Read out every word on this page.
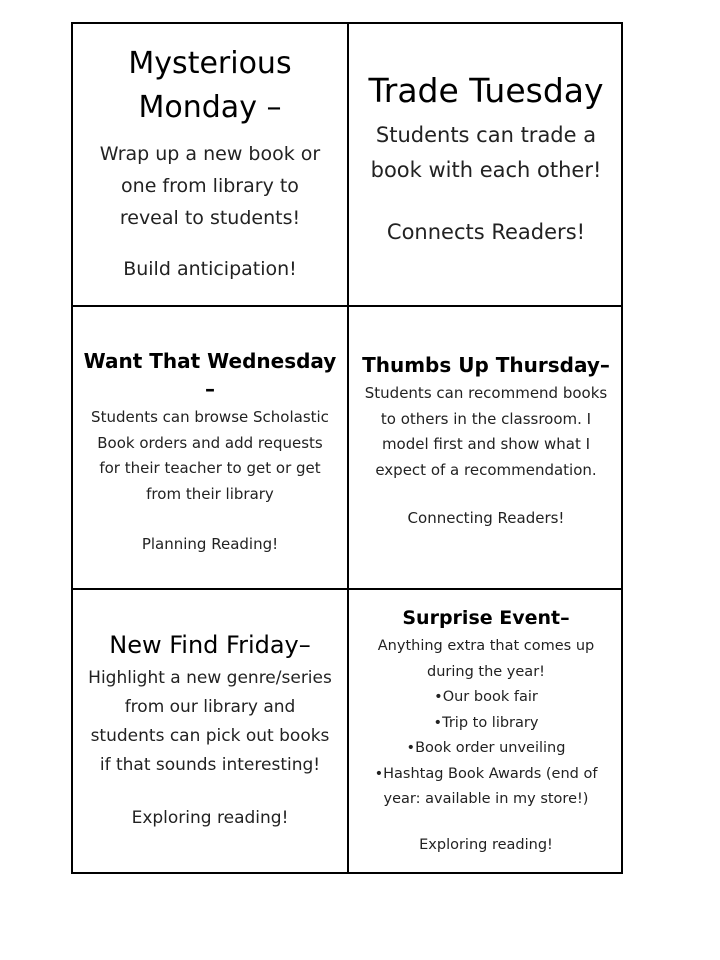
Mysterious
Monday –

Wrap up a new book or
one from library to
reveal to students!

Build anticipation!
Trade Tuesday

Students can trade a
book with each other!

Connects Readers!
Want That Wednesday –

Students can browse Scholastic
Book orders and add requests
for their teacher to get or get
from their library

Planning Reading!
Thumbs Up Thursday–

Students can recommend books
to others in the classroom. I
model first and show what I
expect of a recommendation.

Connecting Readers!
New Find Friday–

Highlight a new genre/series
from our library and
students can pick out books
if that sounds interesting!

Exploring reading!
Surprise Event–

Anything extra that comes up
during the year!
•Our book fair
•Trip to library
•Book order unveiling
•Hashtag Book Awards (end of
year: available in my store!)

Exploring reading!
